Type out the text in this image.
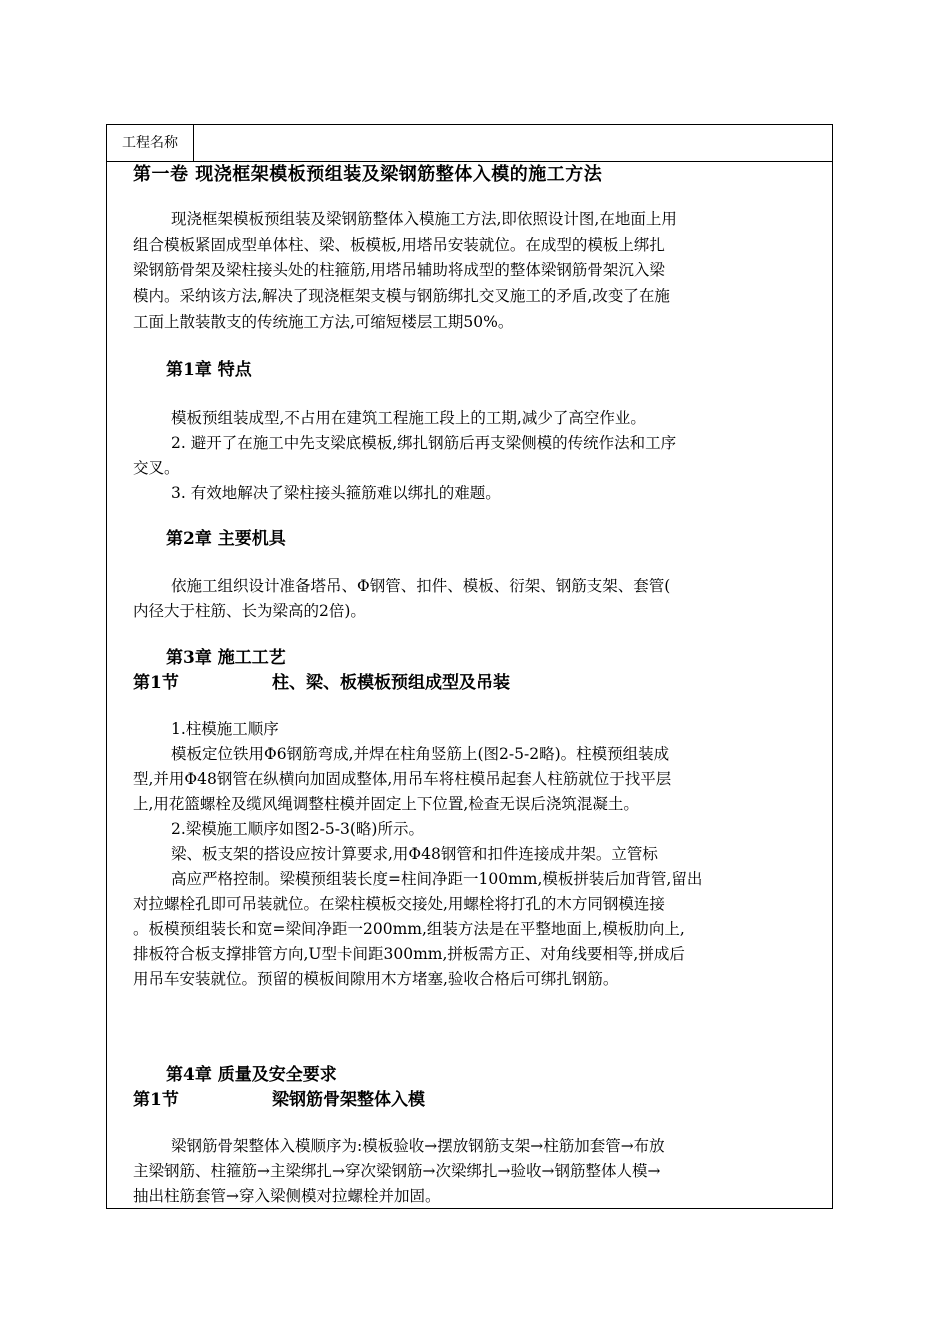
工程名称
第一卷 现浇框架模板预组装及梁钢筋整体入模的施工方法
现浇框架模板预组装及梁钢筋整体入模施工方法,即依照设计图,在地面上用
组合模板紧固成型单体柱、梁、板模板,用塔吊安装就位。在成型的模板上绑扎
梁钢筋骨架及梁柱接头处的柱箍筋,用塔吊辅助将成型的整体梁钢筋骨架沉入梁
模内。采纳该方法,解决了现浇框架支模与钢筋绑扎交叉施工的矛盾,改变了在施
工面上散装散支的传统施工方法,可缩短楼层工期50%。
第1章 特点
模板预组装成型,不占用在建筑工程施工段上的工期,减少了高空作业。
2. 避开了在施工中先支梁底模板,绑扎钢筋后再支梁侧模的传统作法和工序
交叉。
3. 有效地解决了梁柱接头箍筋难以绑扎的难题。
第2章 主要机具
依施工组织设计准备塔吊、Φ钢管、扣件、模板、衍架、钢筋支架、套管(
内径大于柱筋、长为梁高的2倍)。
第3章 施工工艺
第1节	柱、梁、板模板预组成型及吊装
1.柱模施工顺序
模板定位铁用Φ6钢筋弯成,并焊在柱角竖筋上(图2-5-2略)。柱模预组装成
型,并用Φ48钢管在纵横向加固成整体,用吊车将柱模吊起套人柱筋就位于找平层
上,用花篮螺栓及缆风绳调整柱模并固定上下位置,检查无误后浇筑混凝土。
2.梁模施工顺序如图2-5-3(略)所示。
梁、板支架的搭设应按计算要求,用Φ48钢管和扣件连接成井架。立管标
高应严格控制。梁模预组装长度=柱间净距一100mm,模板拼装后加背管,留出
对拉螺栓孔即可吊装就位。在梁柱模板交接处,用螺栓将打孔的木方同钢模连接
。板模预组装长和宽=梁间净距一200mm,组装方法是在平整地面上,模板肋向上,
排板符合板支撑排管方向,U型卡间距300mm,拼板需方正、对角线要相等,拼成后
用吊车安装就位。预留的模板间隙用木方堵塞,验收合格后可绑扎钢筋。
第4章 质量及安全要求
第1节	梁钢筋骨架整体入模
梁钢筋骨架整体入模顺序为:模板验收→摆放钢筋支架→柱筋加套管→布放
主梁钢筋、柱箍筋→主梁绑扎→穿次梁钢筋→次梁绑扎→验收→钢筋整体人模→
抽出柱筋套管→穿入梁侧模对拉螺栓并加固。
